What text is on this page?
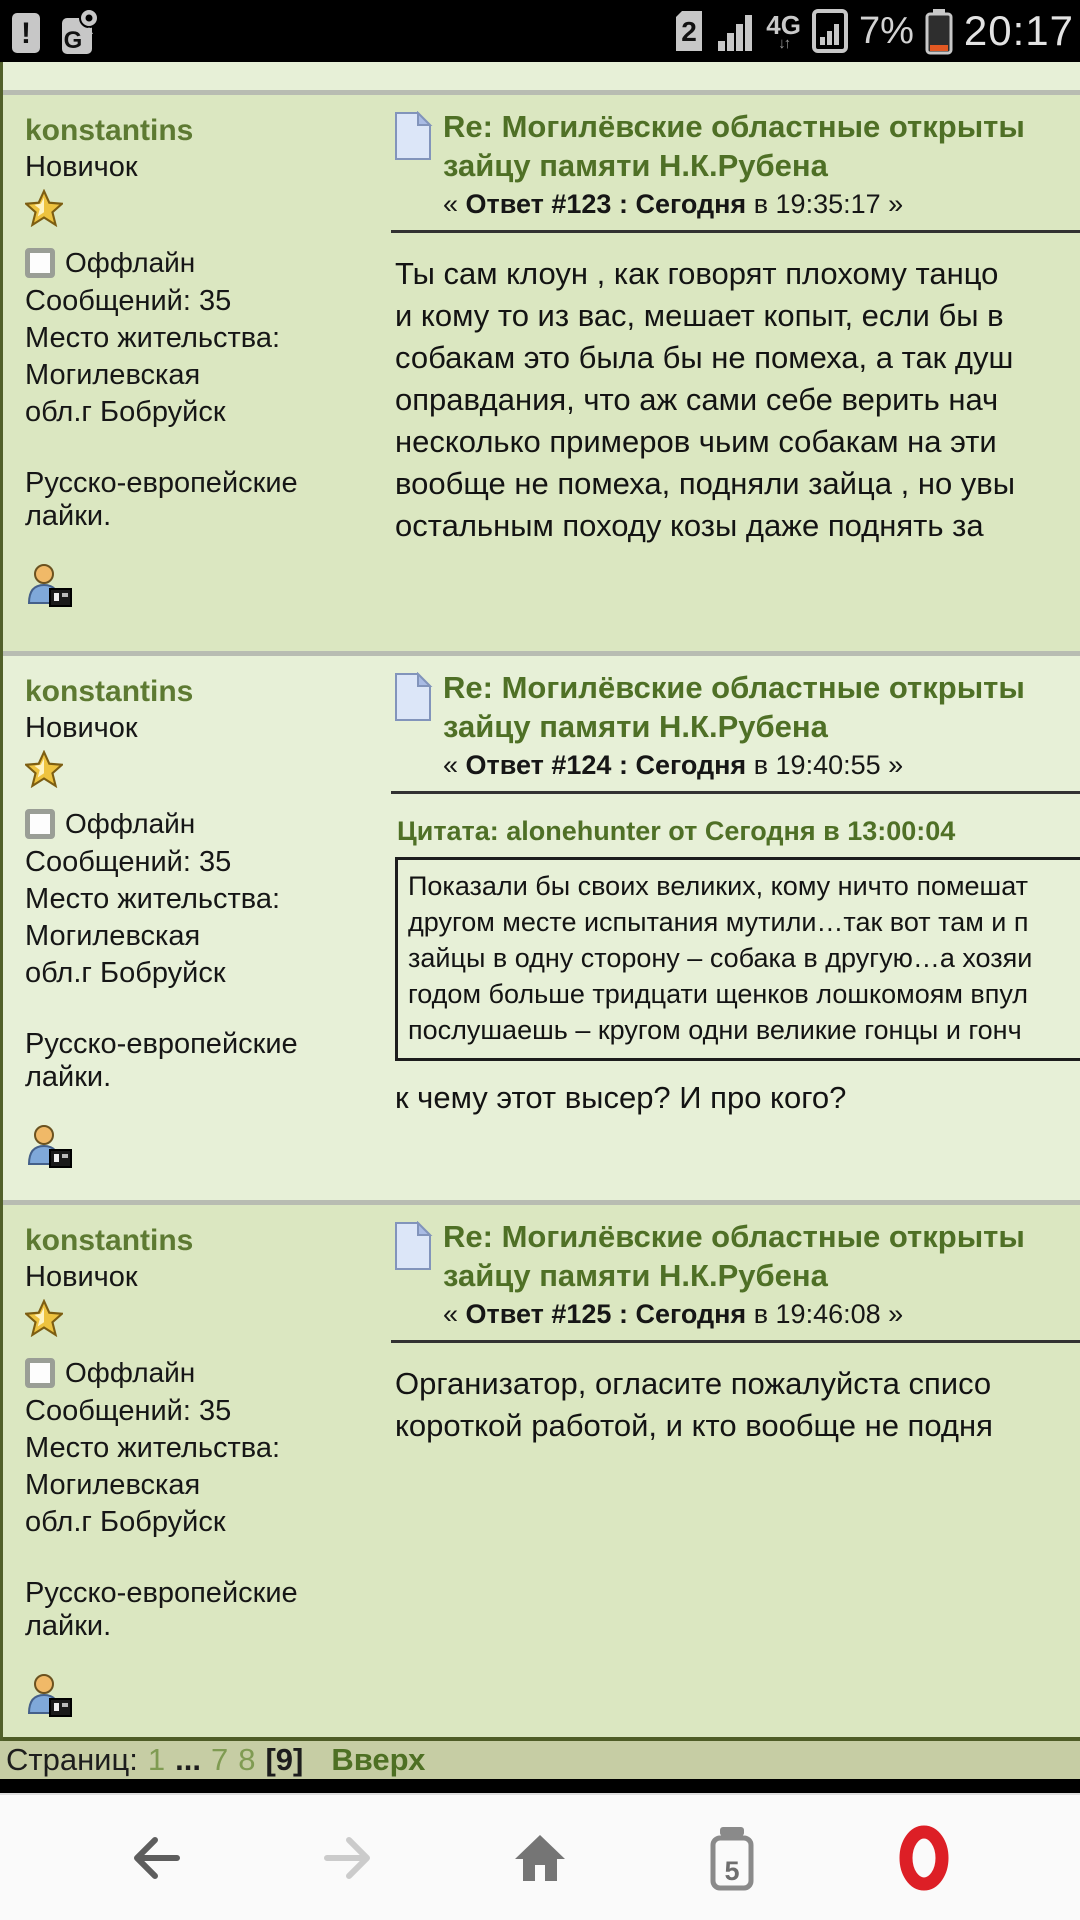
! G	2	4G
↓↑ 7% 20:17
konstantins
Новичок
Оффлайн
Сообщений: 35
Место жительства: Могилевская
обл.г Бобруйск
Русско-европейские лайки.
Re: Могилёвские областные открыты
зайцу памяти Н.К.Рубена
« Ответ #123 : Сегодня в 19:35:17 »
Ты сам клоун , как говорят плохому танцо
и кому то из вас, мешает копыт, если бы в
собакам это была бы не помеха, а так душ
оправдания, что аж сами себе верить нач
несколько примеров чьим собакам на эти
вообще не помеха, подняли зайца , но увы
остальным походу козы даже поднять за
konstantins
Новичок
Оффлайн
Сообщений: 35
Место жительства: Могилевская
обл.г Бобруйск
Русско-европейские лайки.
Re: Могилёвские областные открыты
зайцу памяти Н.К.Рубена
« Ответ #124 : Сегодня в 19:40:55 »
Цитата: alonehunter от Сегодня в 13:00:04
Показали бы своих великих, кому ничто помешат
другом месте испытания мутили…так вот там и п
зайцы в одну сторону – собака в другую…а хозяи
годом больше тридцати щенков лошкомоям впул
послушаешь – кругом одни великие гонцы и гонч
к чему этот высер? И про кого?
konstantins
Новичок
Оффлайн
Сообщений: 35
Место жительства: Могилевская
обл.г Бобруйск
Русско-европейские лайки.
Re: Могилёвские областные открыты
зайцу памяти Н.К.Рубена
« Ответ #125 : Сегодня в 19:46:08 »
Организатор, огласите пожалуйста списо
короткой работой, и кто вообще не подня
Страниц: 1 ... 7 8 [9] Вверх
5
